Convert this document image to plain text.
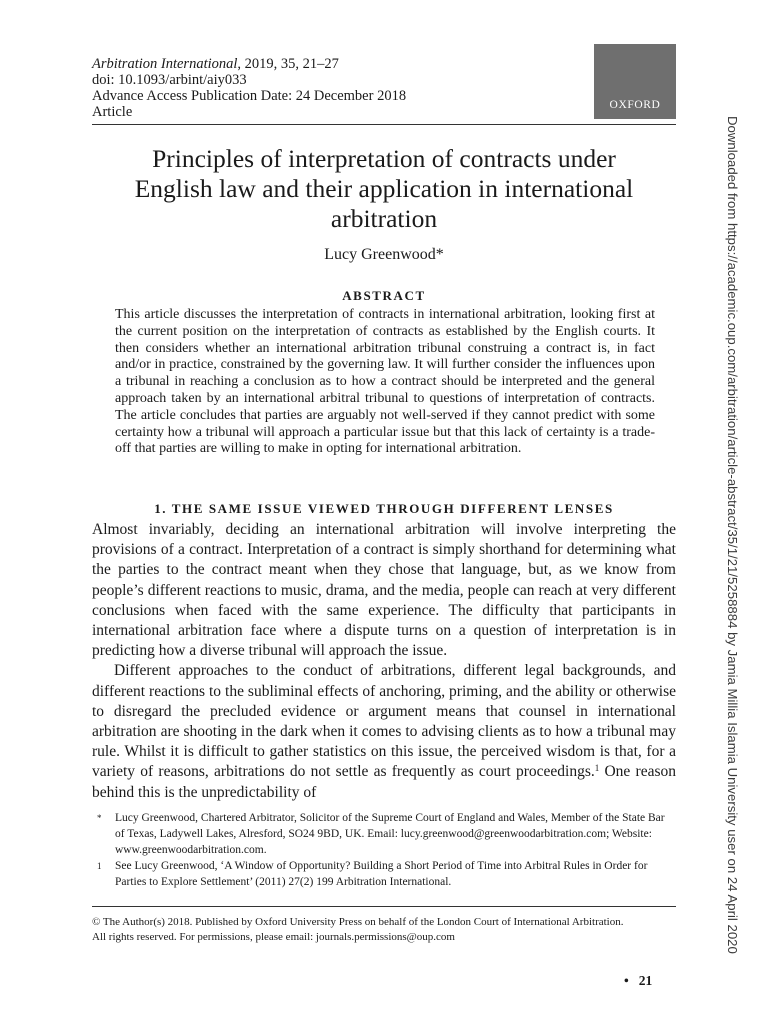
Arbitration International, 2019, 35, 21–27
doi: 10.1093/arbint/aiy033
Advance Access Publication Date: 24 December 2018
Article	OXFORD
Principles of interpretation of contracts under
English law and their application in international
arbitration
Lucy Greenwood*
ABSTRACT
This article discusses the interpretation of contracts in international arbitration, looking first at the current position on the interpretation of contracts as established by the English courts. It then considers whether an international arbitration tribunal construing a contract is, in fact and/or in practice, constrained by the governing law. It will further consider the influences upon a tribunal in reaching a conclusion as to how a contract should be interpreted and the general approach taken by an international arbitral tribunal to questions of interpretation of contracts. The article concludes that parties are arguably not well-served if they cannot predict with some certainty how a tribunal will approach a particular issue but that this lack of certainty is a trade-off that parties are willing to make in opting for international arbitration.
1. THE SAME ISSUE VIEWED THROUGH DIFFERENT LENSES

Almost invariably, deciding an international arbitration will involve interpreting the provisions of a contract. Interpretation of a contract is simply shorthand for determining what the parties to the contract meant when they chose that language, but, as we know from people’s different reactions to music, drama, and the media, people can reach at very different conclusions when faced with the same experience. The difficulty that participants in international arbitration face where a dispute turns on a question of interpretation is in predicting how a diverse tribunal will approach the issue.

Different approaches to the conduct of arbitrations, different legal backgrounds, and different reactions to the subliminal effects of anchoring, priming, and the ability or otherwise to disregard the precluded evidence or argument means that counsel in international arbitration are shooting in the dark when it comes to advising clients as to how a tribunal may rule. Whilst it is difficult to gather statistics on this issue, the perceived wisdom is that, for a variety of reasons, arbitrations do not settle as frequently as court proceedings.$^1$ One reason behind this is the unpredictability of

* Lucy Greenwood, Chartered Arbitrator, Solicitor of the Supreme Court of England and Wales, Member of the State Bar of Texas, Ladywell Lakes, Alresford, SO24 9BD, UK. Email: lucy.greenwood@greenwoodarbitration.com; Website: www.greenwoodarbitration.com.
1 See Lucy Greenwood, ‘A Window of Opportunity? Building a Short Period of Time into Arbitral Rules in Order for Parties to Explore Settlement’ (2011) 27(2) 199 Arbitration International.
© The Author(s) 2018. Published by Oxford University Press on behalf of the London Court of International Arbitration.
All rights reserved. For permissions, please email: journals.permissions@oup.com
• 21
Downloaded from https://academic.oup.com/arbitration/article-abstract/35/1/21/5258884 by Jamia Millia Islamia University user on 24 April 2020
